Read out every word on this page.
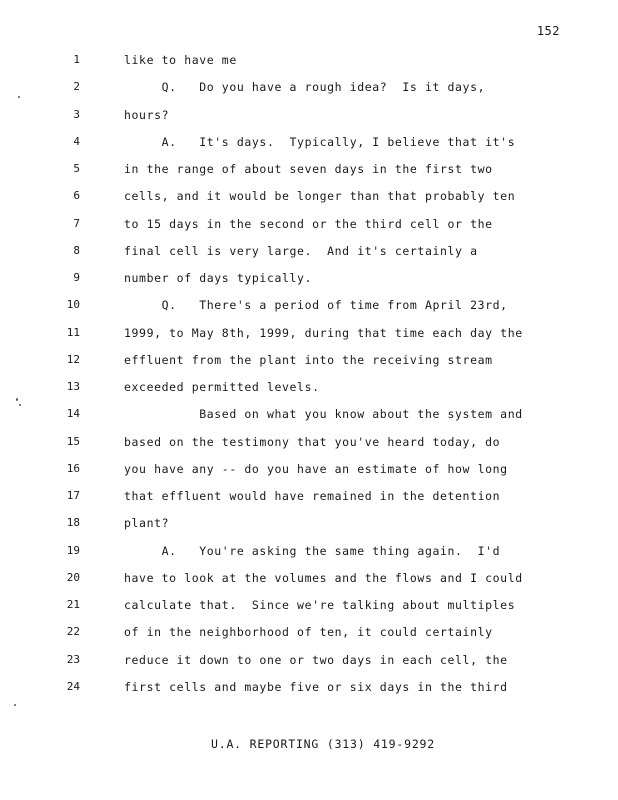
152
1	like to have me
2	Q.   Do you have a rough idea?  Is it days,
3	hours?
4	A.   It's days.  Typically, I believe that it's
5	in the range of about seven days in the first two
6	cells, and it would be longer than that probably ten
7	to 15 days in the second or the third cell or the
8	final cell is very large.  And it's certainly a
9	number of days typically.
10	Q.   There's a period of time from April 23rd,
11	1999, to May 8th, 1999, during that time each day the
12	effluent from the plant into the receiving stream
13	exceeded permitted levels.
14	Based on what you know about the system and
15	based on the testimony that you've heard today, do
16	you have any -- do you have an estimate of how long
17	that effluent would have remained in the detention
18	plant?
19	A.   You're asking the same thing again.  I'd
20	have to look at the volumes and the flows and I could
21	calculate that.  Since we're talking about multiples
22	of in the neighborhood of ten, it could certainly
23	reduce it down to one or two days in each cell, the
24	first cells and maybe five or six days in the third
U.A. REPORTING (313) 419-9292
